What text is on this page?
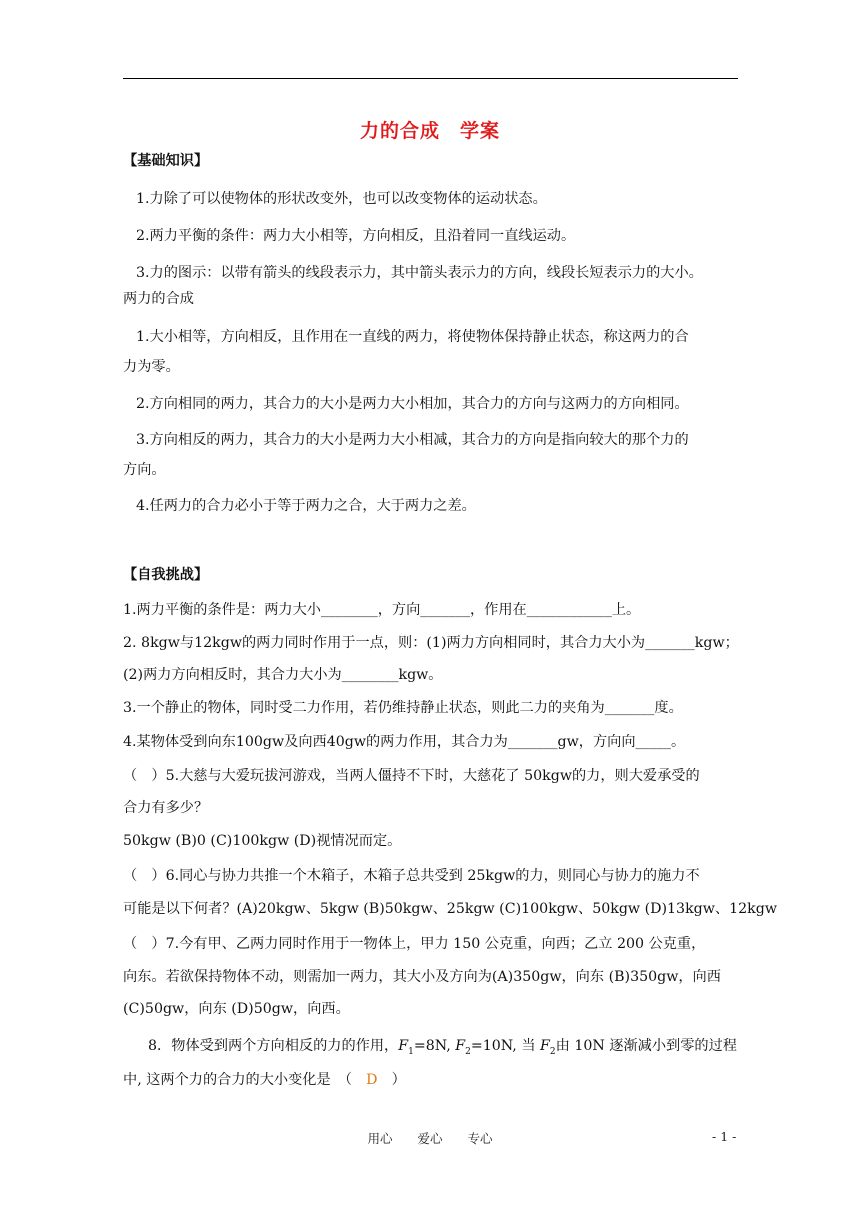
力的合成　学案
【基础知识】
1.力除了可以使物体的形状改变外，也可以改变物体的运动状态。
2.两力平衡的条件：两力大小相等，方向相反，且沿着同一直线运动。
3.力的图示：以带有箭头的线段表示力，其中箭头表示力的方向，线段长短表示力的大小。
两力的合成
1.大小相等，方向相反，且作用在一直线的两力，将使物体保持静止状态，称这两力的合
力为零。
2.方向相同的两力，其合力的大小是两力大小相加，其合力的方向与这两力的方向相同。
3.方向相反的两力，其合力的大小是两力大小相减，其合力的方向是指向较大的那个力的
方向。
4.任两力的合力必小于等于两力之合，大于两力之差。
【自我挑战】
1.两力平衡的条件是：两力大小________，方向_______，作用在____________上。
2. 8kgw与12kgw的两力同时作用于一点，则：(1)两力方向相同时，其合力大小为_______kgw；
(2)两力方向相反时，其合力大小为________kgw。
3.一个静止的物体，同时受二力作用，若仍维持静止状态，则此二力的夹角为_______度。
4.某物体受到向东100gw及向西40gw的两力作用，其合力为_______gw，方向向_____。
（　）5.大慈与大爱玩拔河游戏，当两人僵持不下时，大慈花了 50kgw的力，则大爱承受的
合力有多少？
50kgw (B)0 (C)100kgw (D)视情况而定。
（　）6.同心与协力共推一个木箱子，木箱子总共受到 25kgw的力，则同心与协力的施力不
可能是以下何者？(A)20kgw、5kgw (B)50kgw、25kgw (C)100kgw、50kgw (D)13kgw、12kgw
（　）7.今有甲、乙两力同时作用于一物体上，甲力 150 公克重，向西；乙立 200 公克重，
向东。若欲保持物体不动，则需加一两力，其大小及方向为(A)350gw，向东 (B)350gw，向西
(C)50gw，向东 (D)50gw，向西。
8．物体受到两个方向相反的力的作用，$F_1=8N$, $F_2=10N$, 当 $F_2$由 10N 逐渐减小到零的过程
中, 这两个力的合力的大小变化是　（　D　）
用心　　爱心　　专心	- 1 -
